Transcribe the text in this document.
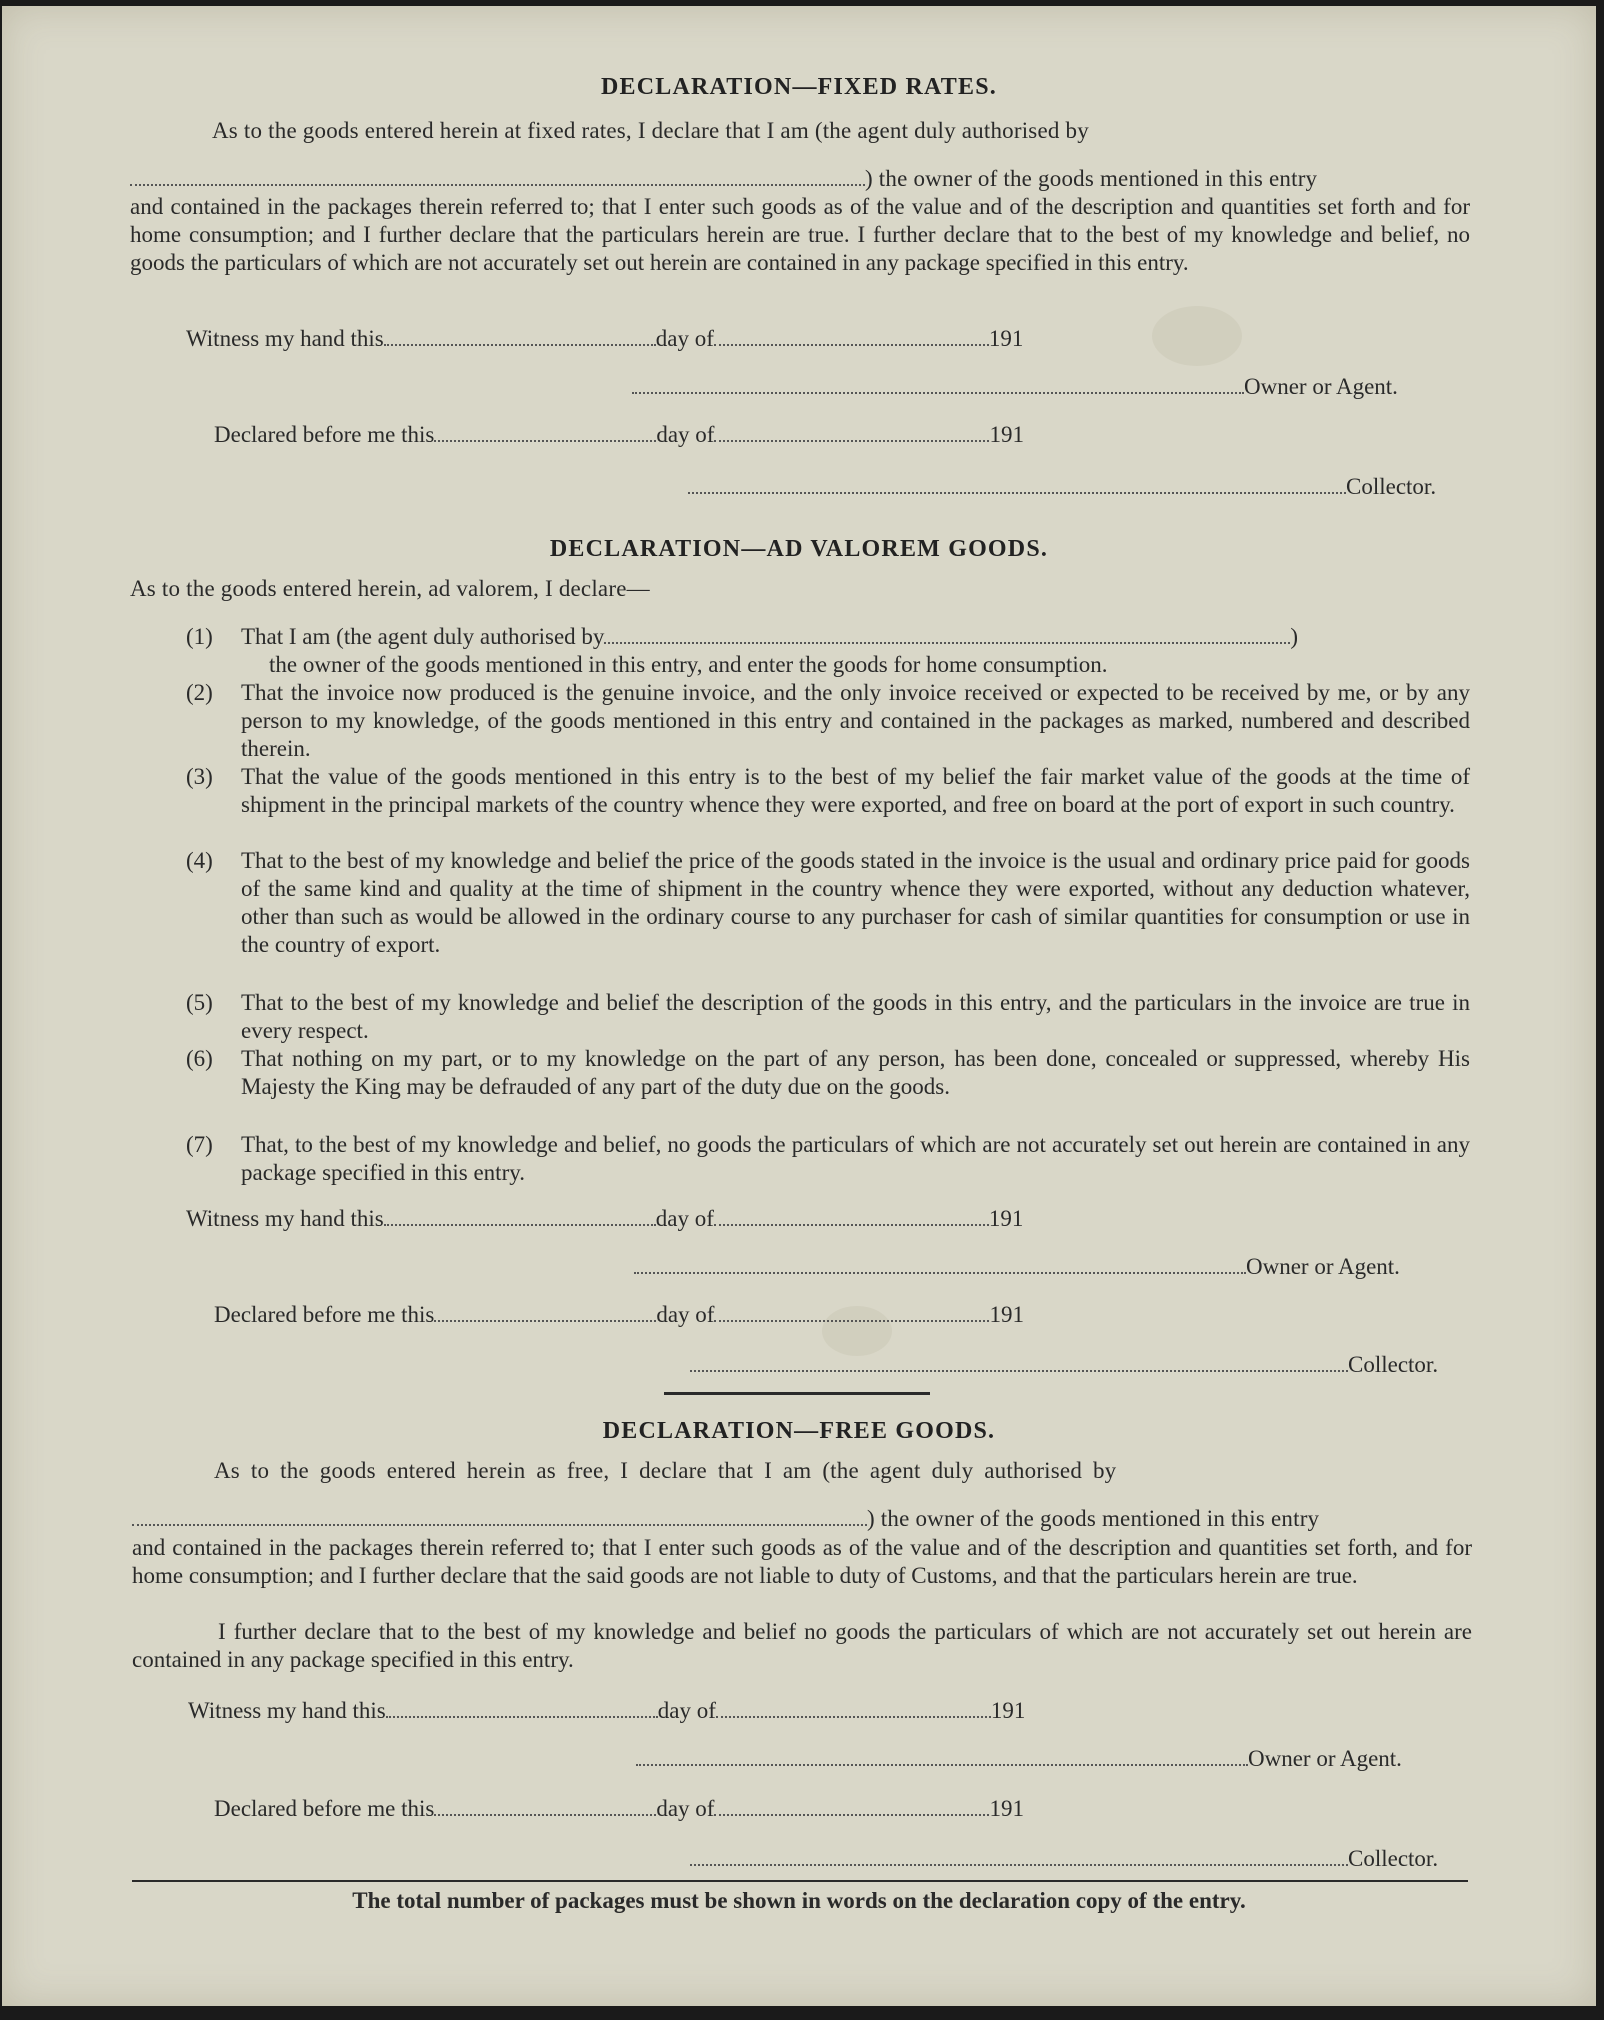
DECLARATION—FIXED RATES.
As to the goods entered herein at fixed rates, I declare that I am (the agent duly authorised by
) the owner of the goods mentioned in this entry
and contained in the packages therein referred to; that I enter such goods as of the value and of the description and quantities set forth and for home consumption; and I further declare that the particulars herein are true. I further declare that to the best of my knowledge and belief, no goods the particulars of which are not accurately set out herein are contained in any package specified in this entry.
Witness my hand this	day of	191
Owner or Agent.
Declared before me this	day of	191
Collector.
DECLARATION—AD VALOREM GOODS.
As to the goods entered herein, ad valorem, I declare—
(1) That I am (the agent duly authorised by	)
the owner of the goods mentioned in this entry, and enter the goods for home consumption.
(2) That the invoice now produced is the genuine invoice, and the only invoice received or expected to be received by me, or by any person to my knowledge, of the goods mentioned in this entry and contained in the packages as marked, numbered and described therein.
(3) That the value of the goods mentioned in this entry is to the best of my belief the fair market value of the goods at the time of shipment in the principal markets of the country whence they were exported, and free on board at the port of export in such country.
(4) That to the best of my knowledge and belief the price of the goods stated in the invoice is the usual and ordinary price paid for goods of the same kind and quality at the time of shipment in the country whence they were exported, without any deduction whatever, other than such as would be allowed in the ordinary course to any purchaser for cash of similar quantities for consumption or use in the country of export.
(5) That to the best of my knowledge and belief the description of the goods in this entry, and the particulars in the invoice are true in every respect.
(6) That nothing on my part, or to my knowledge on the part of any person, has been done, concealed or suppressed, whereby His Majesty the King may be defrauded of any part of the duty due on the goods.
(7) That, to the best of my knowledge and belief, no goods the particulars of which are not accurately set out herein are contained in any package specified in this entry.
Witness my hand this	day of	191
Owner or Agent.
Declared before me this	day of	191
Collector.
DECLARATION—FREE GOODS.
As to the goods entered herein as free, I declare that I am (the agent duly authorised by
) the owner of the goods mentioned in this entry
and contained in the packages therein referred to; that I enter such goods as of the value and of the description and quantities set forth, and for home consumption; and I further declare that the said goods are not liable to duty of Customs, and that the particulars herein are true.
I further declare that to the best of my knowledge and belief no goods the particulars of which are not accurately set out herein are contained in any package specified in this entry.
Witness my hand this	day of	191
Owner or Agent.
Declared before me this	day of	191
Collector.
The total number of packages must be shown in words on the declaration copy of the entry.
